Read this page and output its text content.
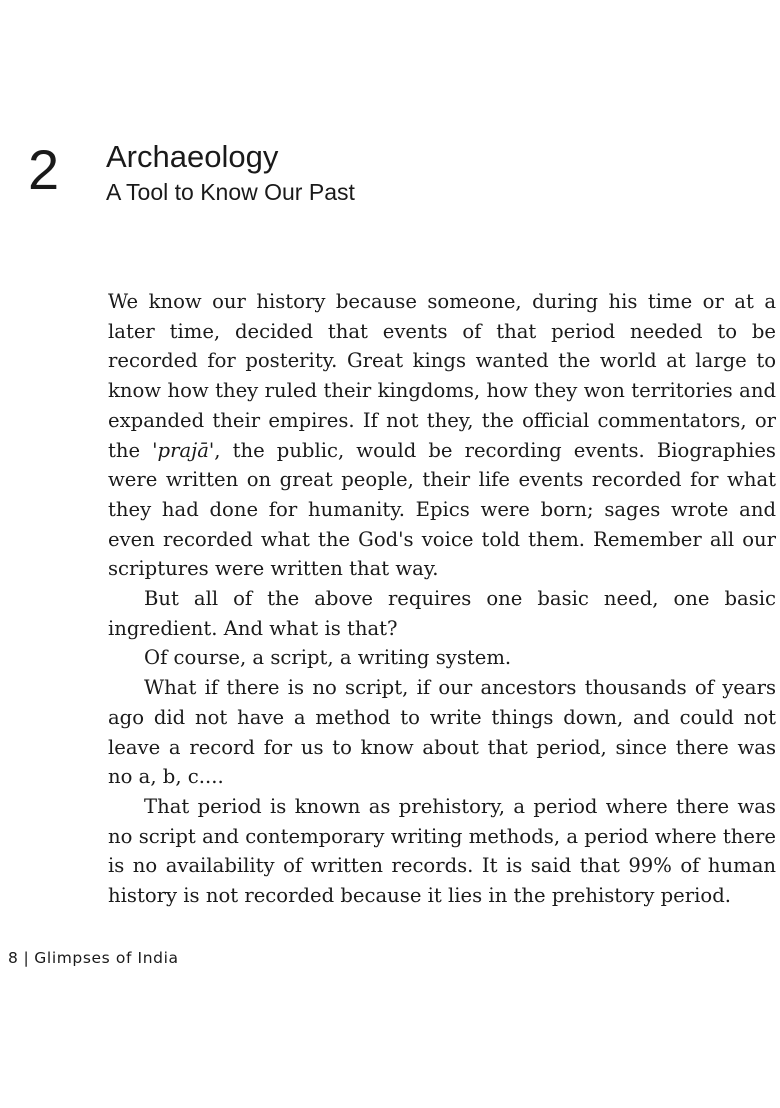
2 Archaeology
A Tool to Know Our Past

We know our history because someone, during his time or at a later time, decided that events of that period needed to be recorded for posterity. Great kings wanted the world at large to know how they ruled their kingdoms, how they won territories and expanded their empires. If not they, the official commentators, or the 'prajā', the public, would be recording events. Biographies were written on great people, their life events recorded for what they had done for humanity. Epics were born; sages wrote and even recorded what the God's voice told them. Remember all our scriptures were written that way.

But all of the above requires one basic need, one basic ingredient. And what is that?

Of course, a script, a writing system.

What if there is no script, if our ancestors thousands of years ago did not have a method to write things down, and could not leave a record for us to know about that period, since there was no a, b, c....

That period is known as prehistory, a period where there was no script and contemporary writing methods, a period where there is no availability of written records. It is said that 99% of human history is not recorded because it lies in the prehistory period.

8 | Glimpses of India
